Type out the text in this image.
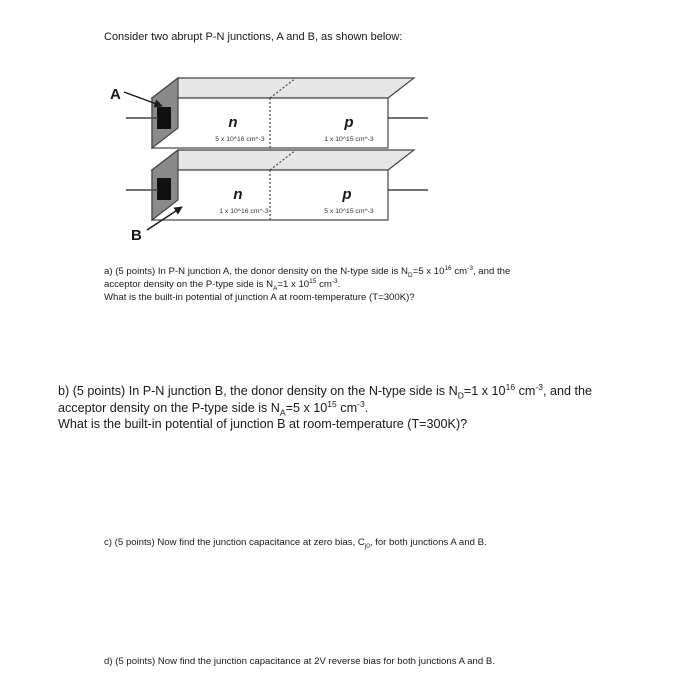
Consider two abrupt P-N junctions, A and B, as shown below:
A
B
n
5 x 10^16 cm^-3
p
1 x 10^15 cm^-3
n
1 x 10^16 cm^-3
p
5 x 10^15 cm^-3
a) (5 points) In P-N junction A, the donor density on the N-type side is $N_D=5$ x $10^{16}$ $cm^{-3}$, and the
acceptor density on the P-type side is $N_A=1$ x $10^{15}$ $cm^{-3}$.
What is the built-in potential of junction A at room-temperature (T=300K)?
b) (5 points) In P-N junction B, the donor density on the N-type side is $N_D=1$ x $10^{16}$ $cm^{-3}$, and the
acceptor density on the P-type side is $N_A=5$ x $10^{15}$ $cm^{-3}$.
What is the built-in potential of junction B at room-temperature (T=300K)?
c) (5 points) Now find the junction capacitance at zero bias, $C_{j0}$, for both junctions A and B.
d) (5 points) Now find the junction capacitance at 2V reverse bias for both junctions A and B.
